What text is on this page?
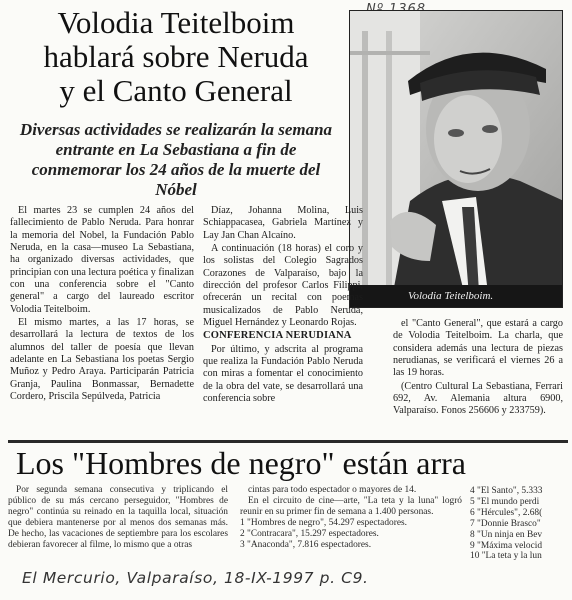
Volodia Teitelboim
hablará sobre Neruda
y el Canto General
Diversas actividades se realizarán la semana entrante en La Sebastiana a fin de conmemorar los 24 años de la muerte del Nóbel
Volodia Teitelboim.

El martes 23 se cumplen 24 años del fallecimiento de Pablo Neruda. Para honrar la memoria del Nobel, la Fundación Pablo Neruda, en la casa—museo La Sebastiana, ha organizado diversas actividades, que principian con una lectura poética y finalizan con una conferencia sobre el "Canto general" a cargo del laureado escritor Volodia Teitelboim.

El mismo martes, a las 17 horas, se desarrollará la lectura de textos de los alumnos del taller de poesía que llevan adelante en La Sebastiana los poetas Sergio Muñoz y Pedro Araya. Participarán Patricia Granja, Paulina Bonmassar, Bernadette Cordero, Priscila Sepúlveda, Patricia

Díaz, Johanna Molina, Luis Schiappacasea, Gabriela Martínez y Lay Jan Chan Alcaíno.

A continuación (18 horas) el coro y los solistas del Colegio Sagrados Corazones de Valparaíso, bajo la dirección del profesor Carlos Filippi, ofrecerán un recital con poemas musicalizados de Pablo Neruda, Miguel Hernández y Leonardo Rojas.

CONFERENCIA NERUDIANA

Por último, y adscrita al programa que realiza la Fundación Pablo Neruda con miras a fomentar el conocimiento de la obra del vate, se desarrollará una conferencia sobre

el "Canto General", que estará a cargo de Volodia Teitelboim. La charla, que considera además una lectura de piezas nerudianas, se verificará el viernes 26 a las 19 horas.

(Centro Cultural La Sebastiana, Ferrari 692, Av. Alemania altura 6900, Valparaíso. Fonos 256606 y 233759).

Los "Hombres de negro" están arra

Por segunda semana consecutiva y triplicando el público de su más cercano perseguidor, "Hombres de negro" continúa su reinado en la taquilla local, situación que debiera mantenerse por al menos dos semanas más. De hecho, las vacaciones de septiembre para los escolares debieran favorecer al filme, lo mismo que a otras

cintas para todo espectador o mayores de 14.

En el circuito de cine—arte, "La teta y la luna" logró reunir en su primer fin de semana a 1.400 personas.

1 "Hombres de negro", 54.297 espectadores.

2 "Contracara", 15.297 espectadores.

3 "Anaconda", 7.816 espectadores.

4 "El Santo", 5.333

5 "El mundo perdi

6 "Hércules", 2.68(

7 "Donnie Brasco"

8 "Un ninja en Bev

9 "Máxima velocid

10 "La teta y la lun

El Mercurio, Valparaíso, 18-IX-1997 p. C9.
